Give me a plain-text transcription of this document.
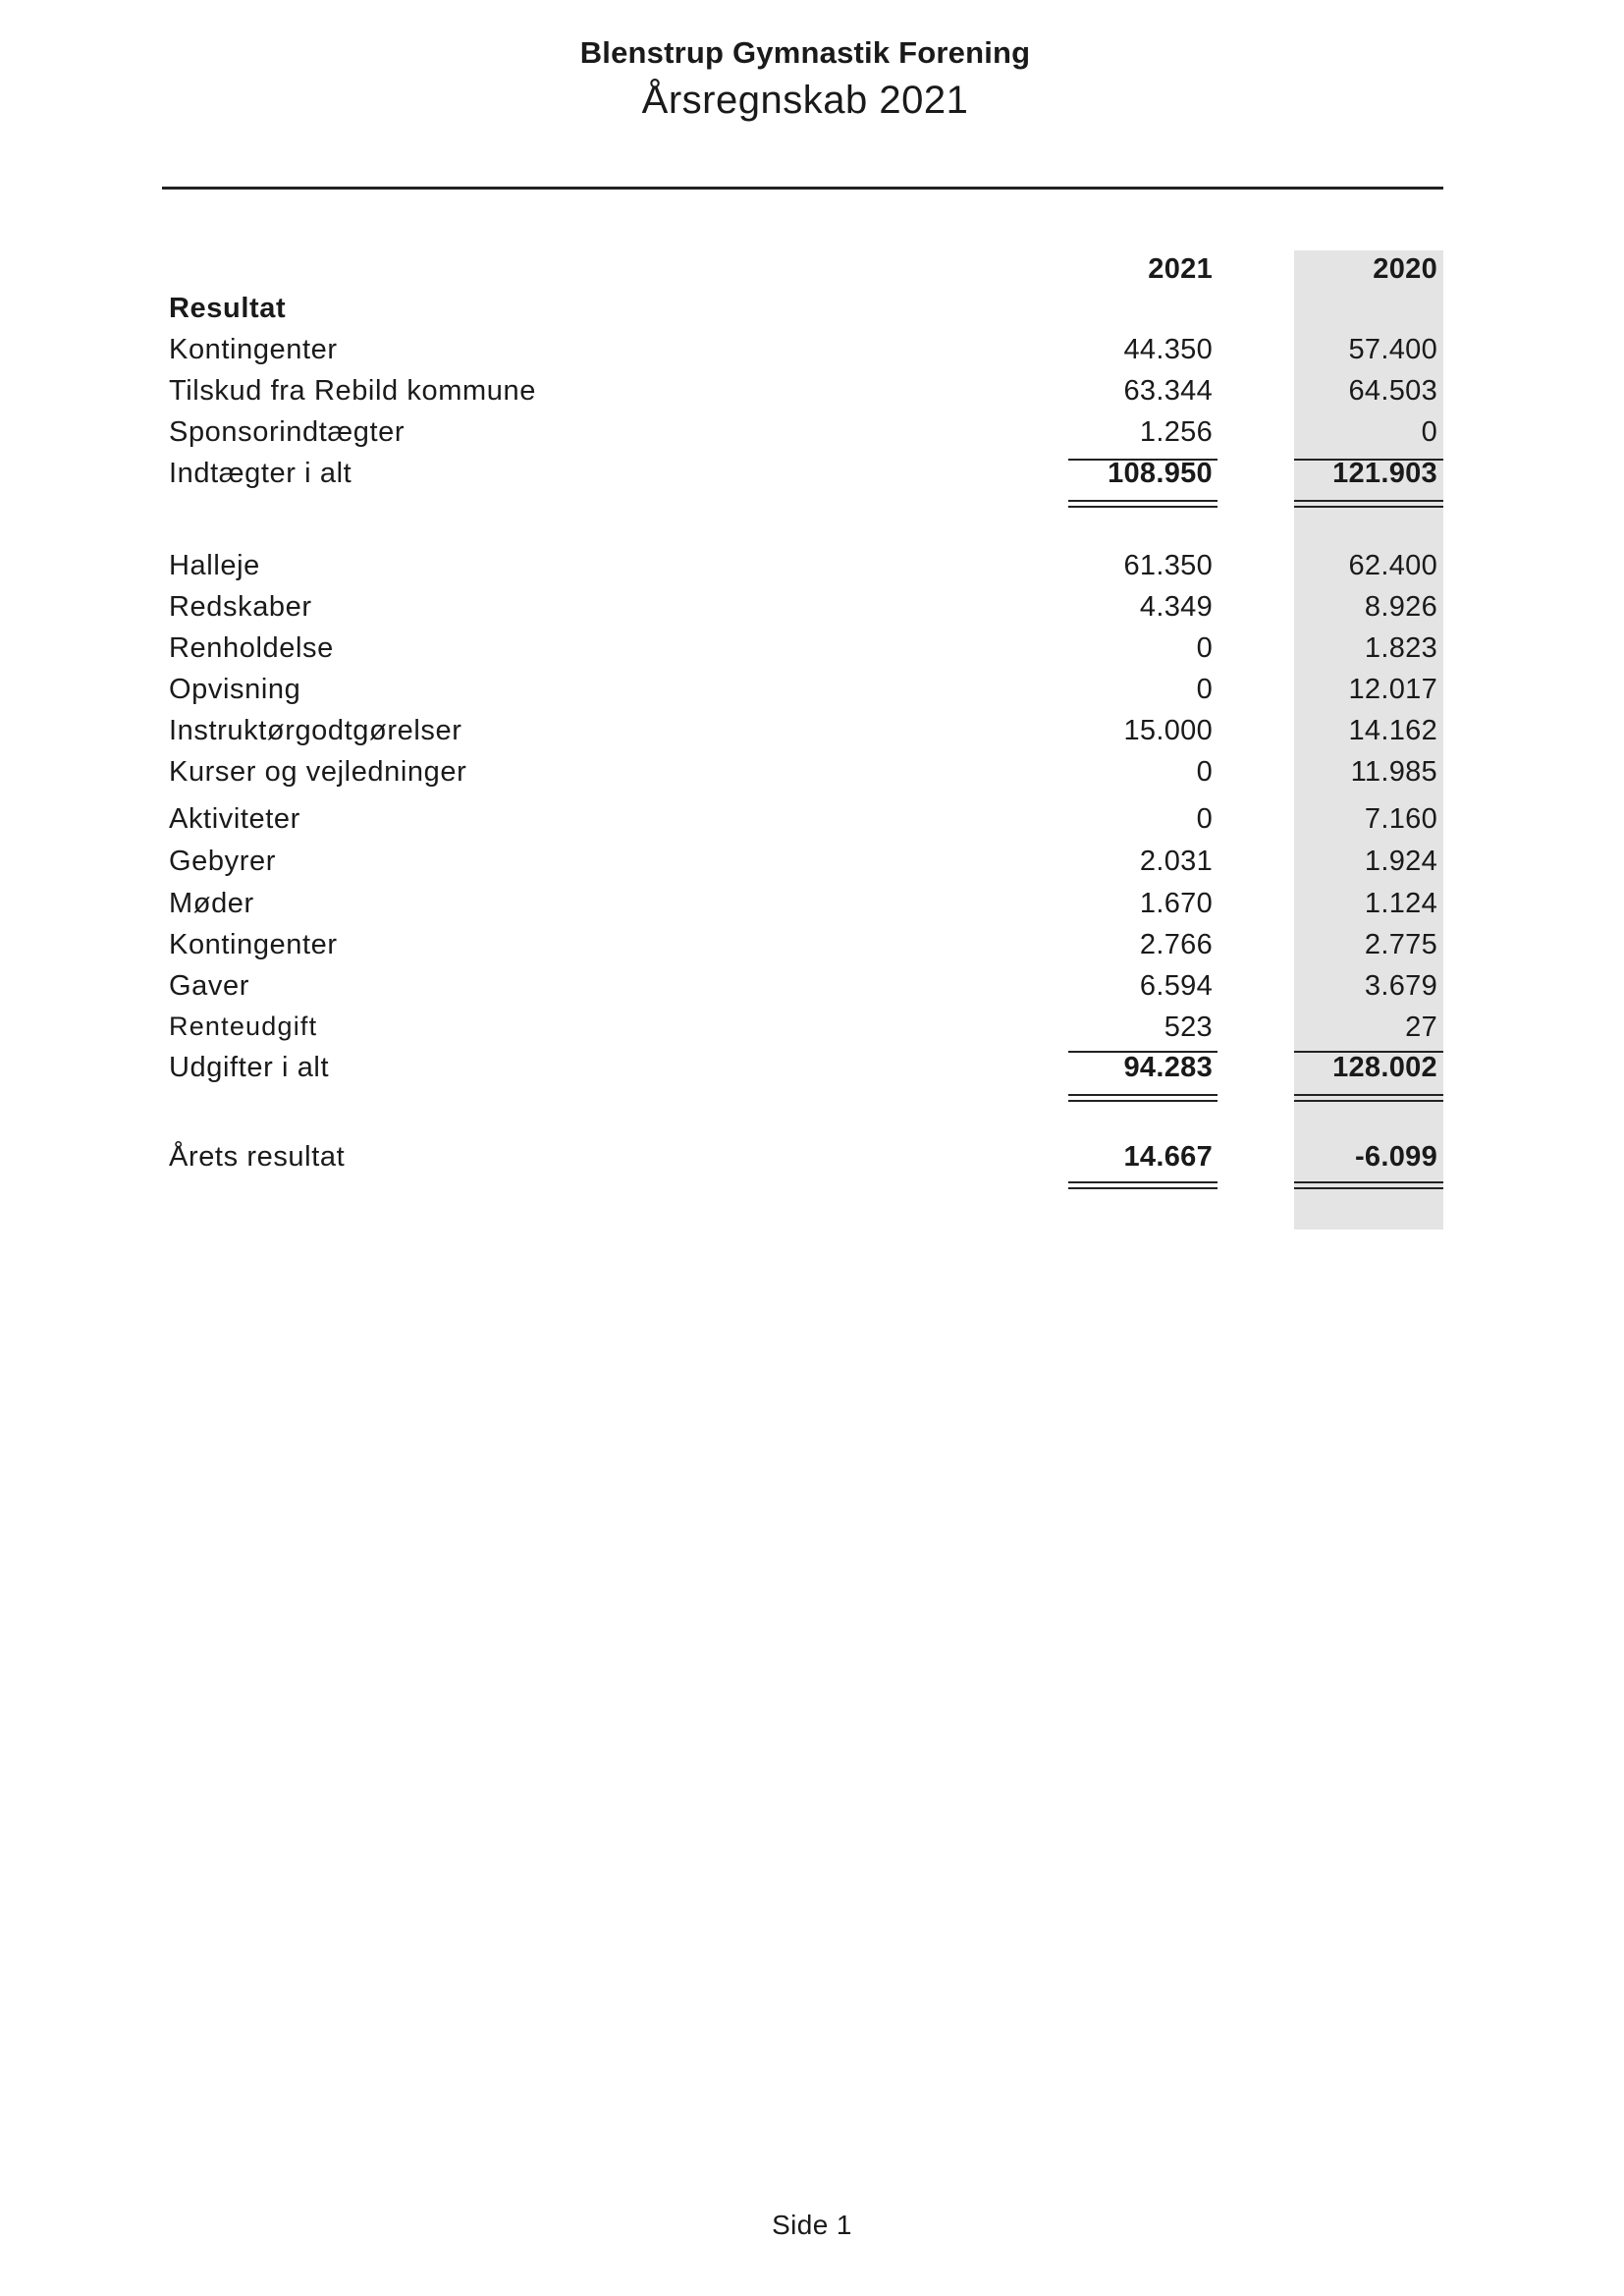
Blenstrup Gymnastik Forening
Årsregnskab 2021
2021	2020
Resultat
Kontingenter	44.350	57.400
Tilskud fra Rebild kommune	63.344	64.503
Sponsorindtægter	1.256	0
Indtægter i alt	108.950	121.903
Halleje	61.350	62.400
Redskaber	4.349	8.926
Renholdelse	0	1.823
Opvisning	0	12.017
Instruktørgodtgørelser	15.000	14.162
Kurser og vejledninger	0	11.985
Aktiviteter	0	7.160
Gebyrer	2.031	1.924
Møder	1.670	1.124
Kontingenter	2.766	2.775
Gaver	6.594	3.679
Renteudgift	523	27
Udgifter i alt	94.283	128.002
Årets resultat	14.667	-6.099
Side 1
